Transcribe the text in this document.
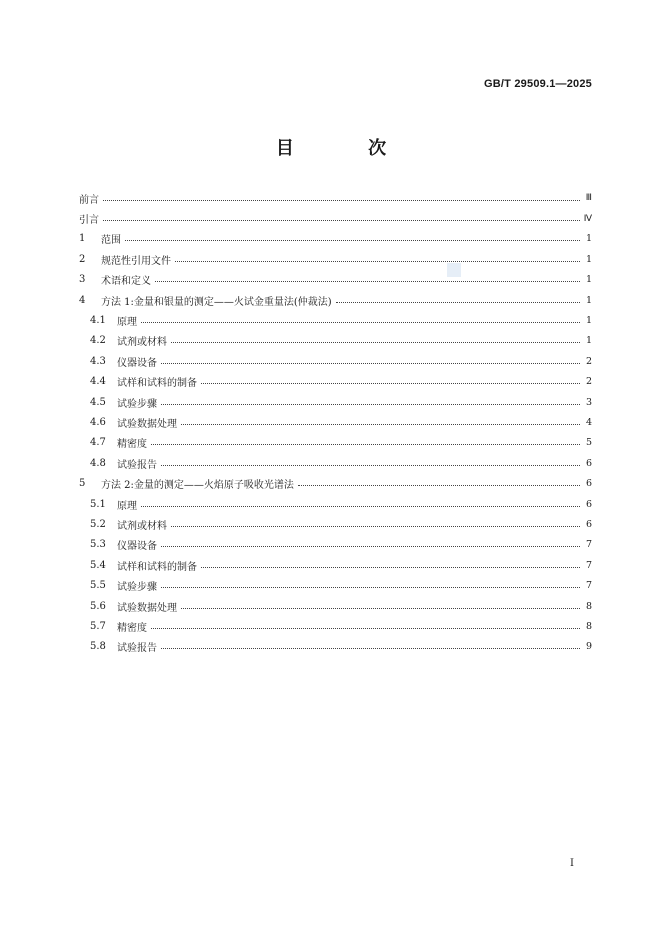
GB/T 29509.1—2025
目 次
前言	Ⅲ
引言	Ⅳ
1	范围	1
2	规范性引用文件	1
3	术语和定义	1
4	方法 1:金量和银量的测定——火试金重量法(仲裁法)	1
4.1	原理	1
4.2	试剂或材料	1
4.3	仪器设备	2
4.4	试样和试料的制备	2
4.5	试验步骤	3
4.6	试验数据处理	4
4.7	精密度	5
4.8	试验报告	6
5	方法 2:金量的测定——火焰原子吸收光谱法	6
5.1	原理	6
5.2	试剂或材料	6
5.3	仪器设备	7
5.4	试样和试料的制备	7
5.5	试验步骤	7
5.6	试验数据处理	8
5.7	精密度	8
5.8	试验报告	9
Ⅰ
